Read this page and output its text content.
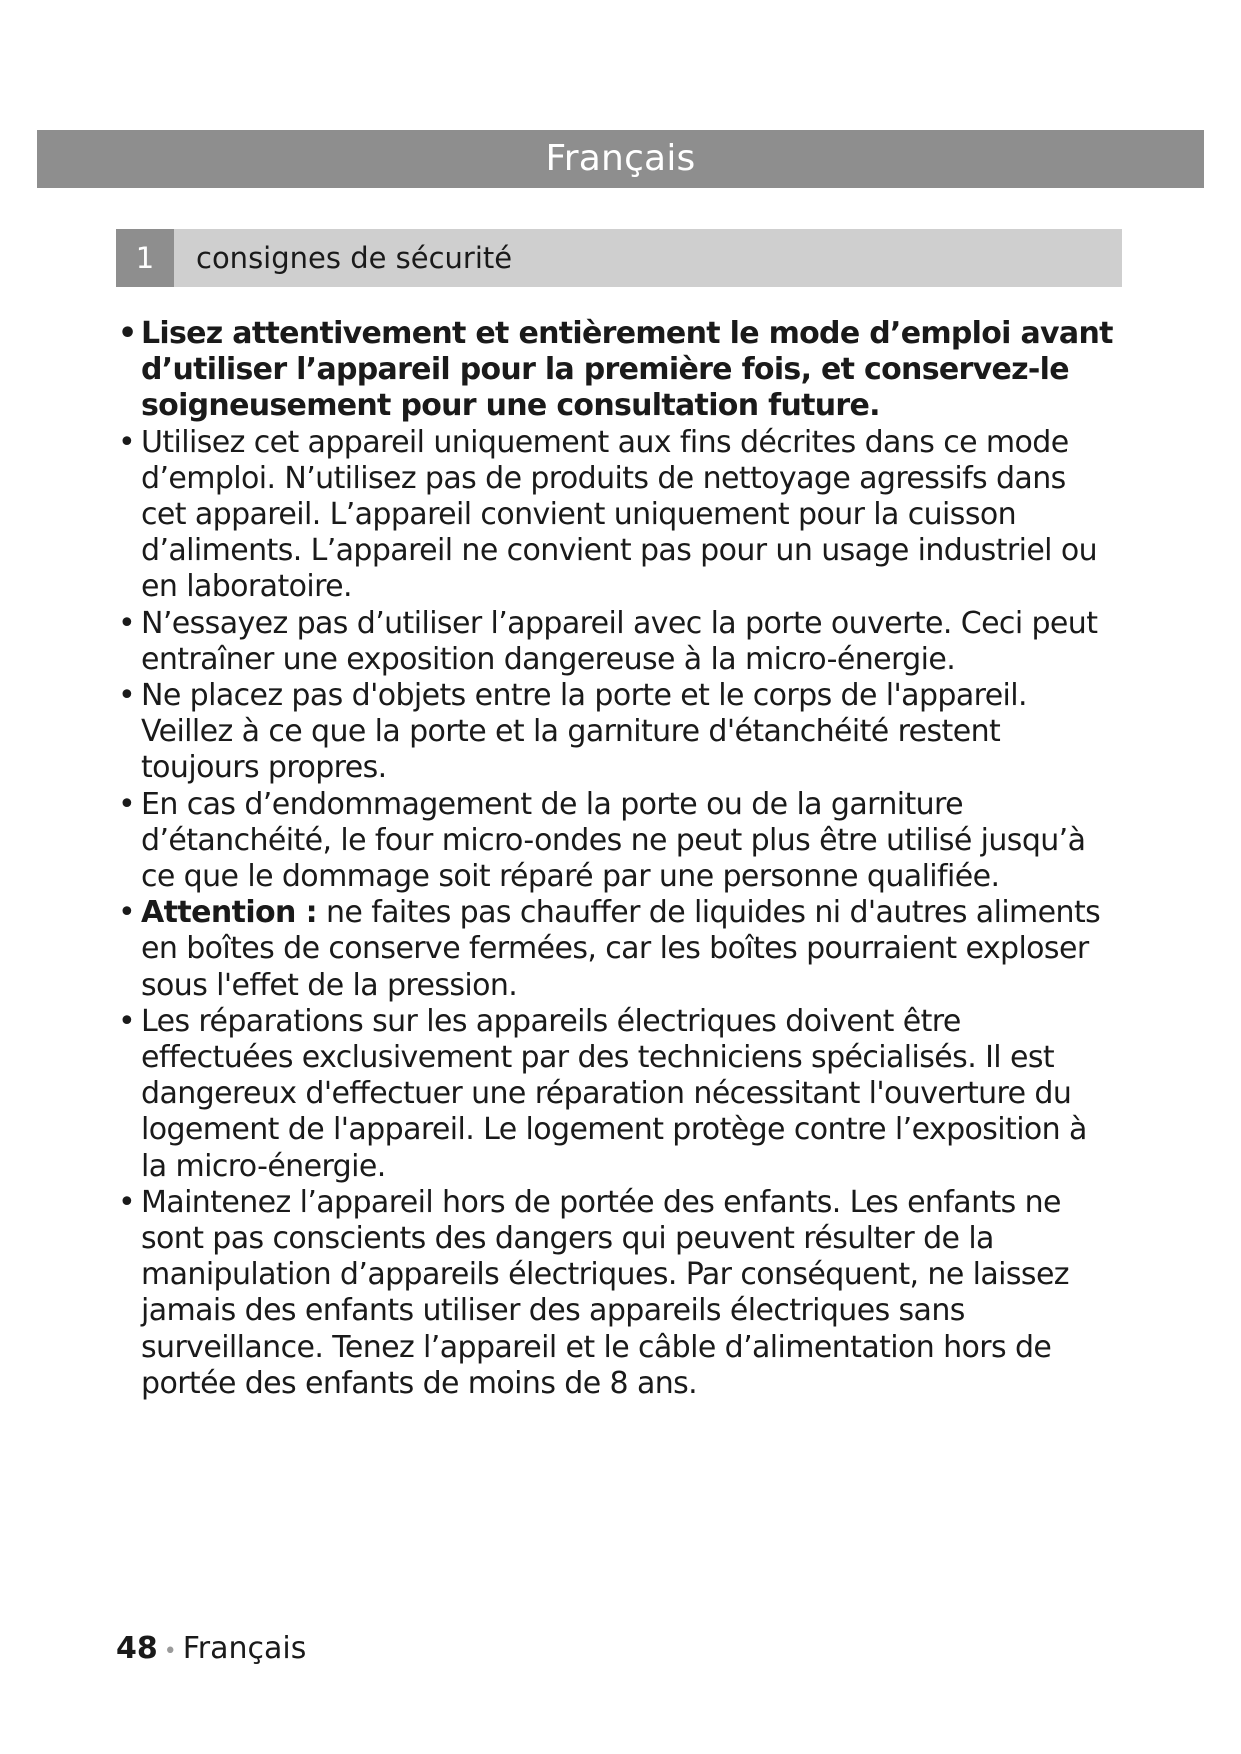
Français
1	consignes de sécurité

• Lisez attentivement et entièrement le mode d’emploi avant d’utiliser l’appareil pour la première fois, et conservez-le soigneusement pour une consultation future.

• Utilisez cet appareil uniquement aux fins décrites dans ce mode d’emploi. N’utilisez pas de produits de nettoyage agressifs dans cet appareil. L’appareil convient uniquement pour la cuisson d’aliments. L’appareil ne convient pas pour un usage industriel ou en laboratoire.

• N’essayez pas d’utiliser l’appareil avec la porte ouverte. Ceci peut entraîner une exposition dangereuse à la micro-énergie.

• Ne placez pas d'objets entre la porte et le corps de l'appareil. Veillez à ce que la porte et la garniture d'étanchéité restent toujours propres.

• En cas d’endommagement de la porte ou de la garniture d’étanchéité, le four micro-ondes ne peut plus être utilisé jusqu’à ce que le dommage soit réparé par une personne qualifiée.

• Attention : ne faites pas chauffer de liquides ni d'autres aliments en boîtes de conserve fermées, car les boîtes pourraient exploser sous l'effet de la pression.

• Les réparations sur les appareils électriques doivent être effectuées exclusivement par des techniciens spécialisés. Il est dangereux d'effectuer une réparation nécessitant l'ouverture du logement de l'appareil. Le logement protège contre l’exposition à la micro-énergie.

• Maintenez l’appareil hors de portée des enfants. Les enfants ne sont pas conscients des dangers qui peuvent résulter de la manipulation d’appareils électriques. Par conséquent, ne laissez jamais des enfants utiliser des appareils électriques sans surveillance. Tenez l’appareil et le câble d’alimentation hors de portée des enfants de moins de 8 ans.

48 • Français
